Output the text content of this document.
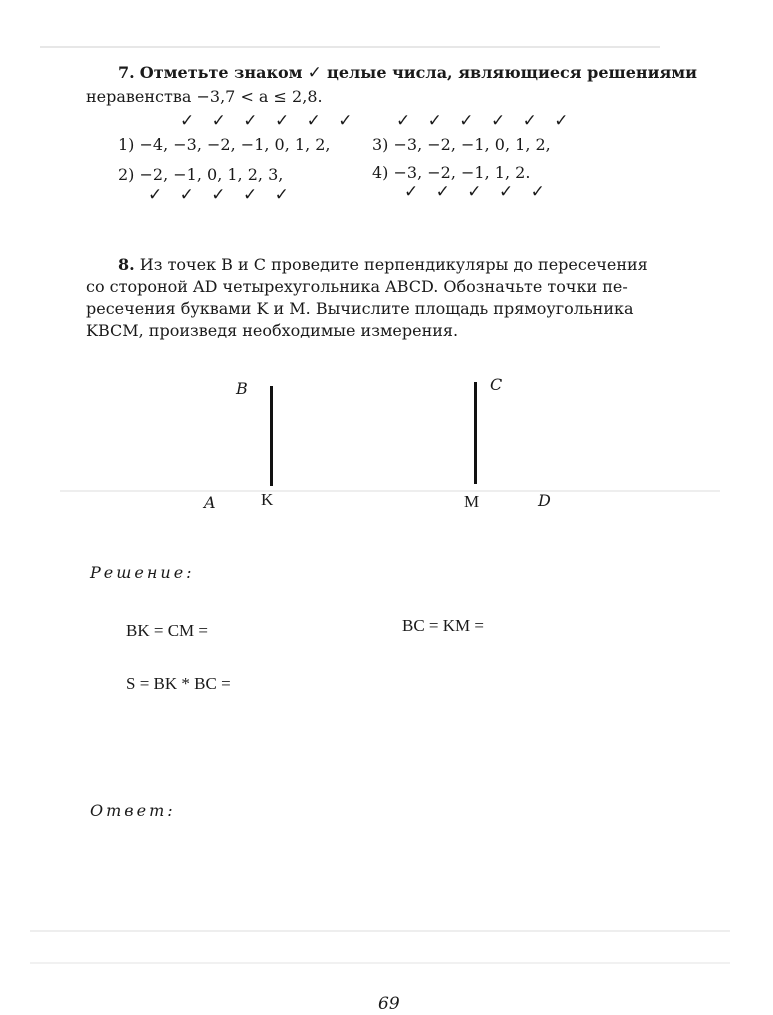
7. Отметьте знаком ✓ целые числа, являющиеся решениями
неравенства −3,7 < a ≤ 2,8.
✓ ✓ ✓ ✓ ✓ ✓
1) −4, −3, −2, −1, 0, 1, 2,
✓ ✓ ✓ ✓ ✓ ✓
3) −3, −2, −1, 0, 1, 2,
2) −2, −1, 0, 1, 2, 3,
✓ ✓ ✓ ✓ ✓
4) −3, −2, −1, 1, 2.
✓ ✓ ✓ ✓ ✓
8. Из точек B и C проведите перпендикуляры до пересечения
со стороной AD четырехугольника ABCD. Обозначьте точки пе-
ресечения буквами K и M. Вычислите площадь прямоугольника
KBCM, произведя необходимые измерения.
B	C
A	K	M	D
Решение:
BK = CM =	BC = KM =
S = BK * BC =
Ответ:
69
